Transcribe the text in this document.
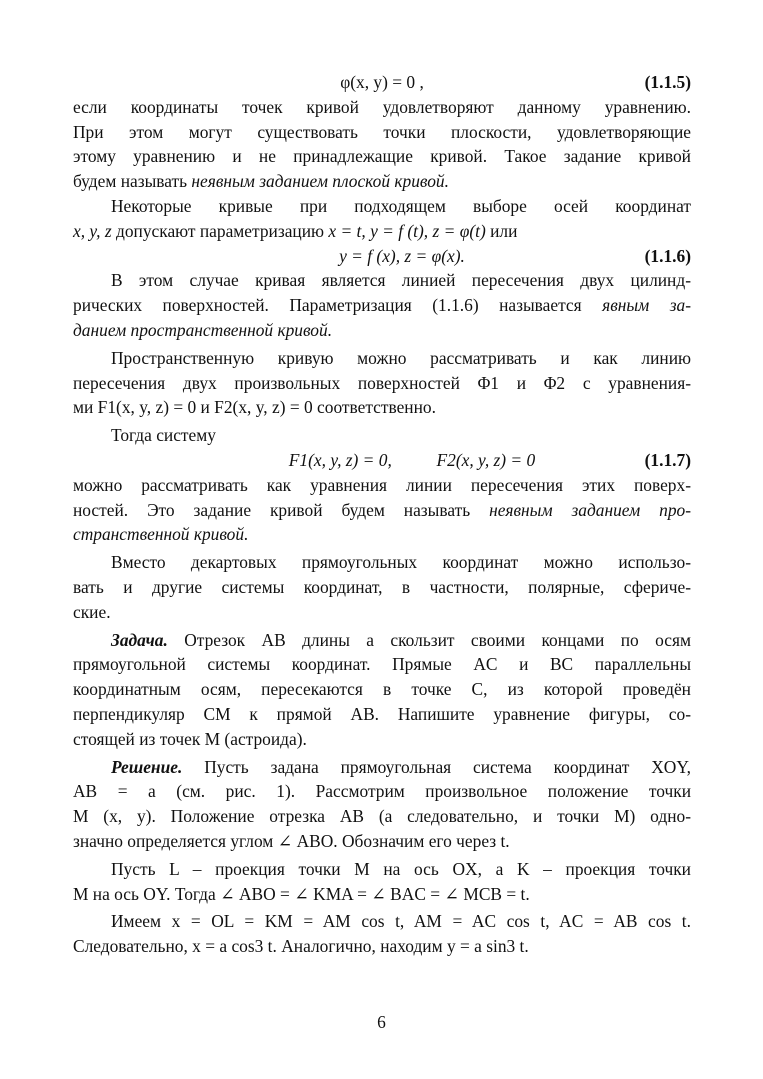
φ(x, y) = 0 ,	(1.1.5)
если координаты точек кривой удовлетворяют данному уравнению.
При этом могут существовать точки плоскости, удовлетворяющие
этому уравнению и не принадлежащие кривой. Такое задание кривой
будем называть неявным заданием плоской кривой.
Некоторые кривые при подходящем выборе осей координат
x, y, z допускают параметризацию x = t, y = f (t), z = φ(t) или
y = f (x), z = φ(x).	(1.1.6)
В этом случае кривая является линией пересечения двух цилинд-
рических поверхностей. Параметризация (1.1.6) называется явным за-
данием пространственной кривой.
Пространственную кривую можно рассматривать и как линию
пересечения двух произвольных поверхностей Φ1 и Φ2 с уравнения-
ми F1(x, y, z) = 0 и F2(x, y, z) = 0 соответственно.
Тогда систему
F1(x, y, z) = 0,	F2(x, y, z) = 0	(1.1.7)
можно рассматривать как уравнения линии пересечения этих поверх-
ностей. Это задание кривой будем называть неявным заданием про-
странственной кривой.
Вместо декартовых прямоугольных координат можно использо-
вать и другие системы координат, в частности, полярные, сфериче-
ские.
Задача. Отрезок AB длины a скользит своими концами по осям
прямоугольной системы координат. Прямые AC и BC параллельны
координатным осям, пересекаются в точке C, из которой проведён
перпендикуляр CM к прямой AB. Напишите уравнение фигуры, со-
стоящей из точек M (астроида).
Решение. Пусть задана прямоугольная система координат XOY,
AB = a (см. рис. 1). Рассмотрим произвольное положение точки
M (x, y). Положение отрезка AB (а следовательно, и точки M) одно-
значно определяется углом ∠ ABO. Обозначим его через t.
Пусть L – проекция точки M на ось OX, а K – проекция точки
M на ось OY. Тогда ∠ ABO = ∠ KMA = ∠ BAC = ∠ MCB = t.
Имеем x = OL = KM = AM cos t, AM = AC cos t, AC = AB cos t.
Следовательно, x = a cos3 t. Аналогично, находим y = a sin3 t.
6
